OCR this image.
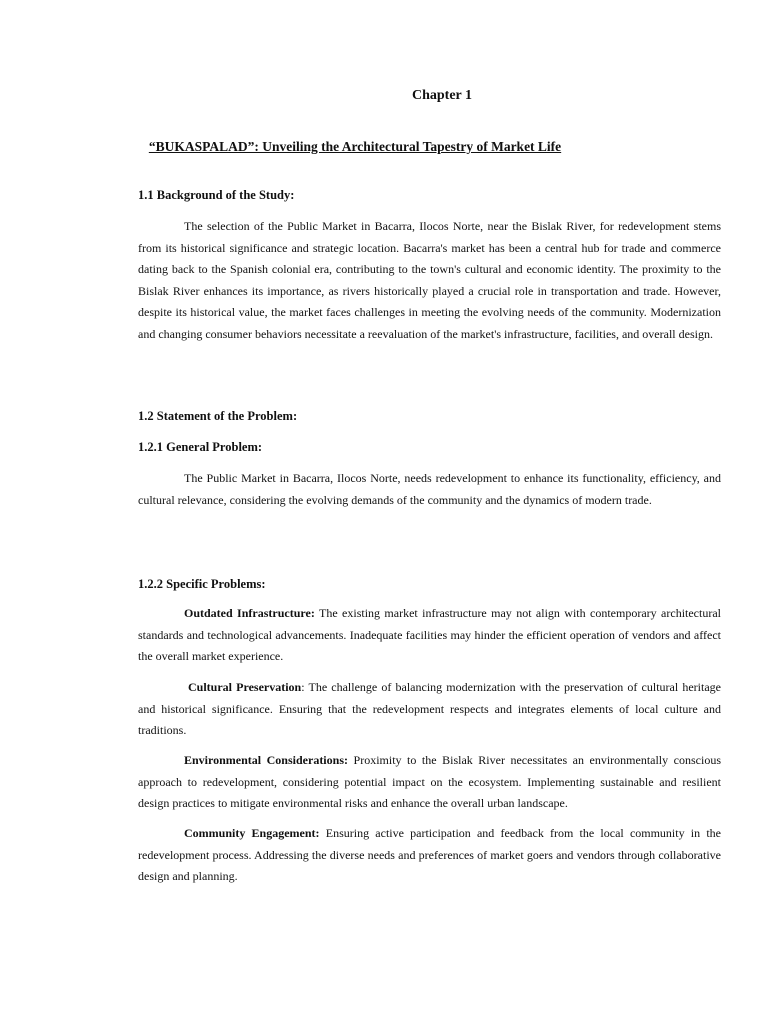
Chapter 1
“BUKASPALAD”: Unveiling the Architectural Tapestry of Market Life
1.1 Background of the Study:

The selection of the Public Market in Bacarra, Ilocos Norte, near the Bislak River, for redevelopment stems from its historical significance and strategic location. Bacarra's market has been a central hub for trade and commerce dating back to the Spanish colonial era, contributing to the town's cultural and economic identity. The proximity to the Bislak River enhances its importance, as rivers historically played a crucial role in transportation and trade. However, despite its historical value, the market faces challenges in meeting the evolving needs of the community. Modernization and changing consumer behaviors necessitate a reevaluation of the market's infrastructure, facilities, and overall design.

1.2 Statement of the Problem:
1.2.1 General Problem:

The Public Market in Bacarra, Ilocos Norte, needs redevelopment to enhance its functionality, efficiency, and cultural relevance, considering the evolving demands of the community and the dynamics of modern trade.

1.2.2 Specific Problems:

Outdated Infrastructure: The existing market infrastructure may not align with contemporary architectural standards and technological advancements. Inadequate facilities may hinder the efficient operation of vendors and affect the overall market experience.

Cultural Preservation: The challenge of balancing modernization with the preservation of cultural heritage and historical significance. Ensuring that the redevelopment respects and integrates elements of local culture and traditions.

Environmental Considerations: Proximity to the Bislak River necessitates an environmentally conscious approach to redevelopment, considering potential impact on the ecosystem. Implementing sustainable and resilient design practices to mitigate environmental risks and enhance the overall urban landscape.

Community Engagement: Ensuring active participation and feedback from the local community in the redevelopment process. Addressing the diverse needs and preferences of market goers and vendors through collaborative design and planning.
